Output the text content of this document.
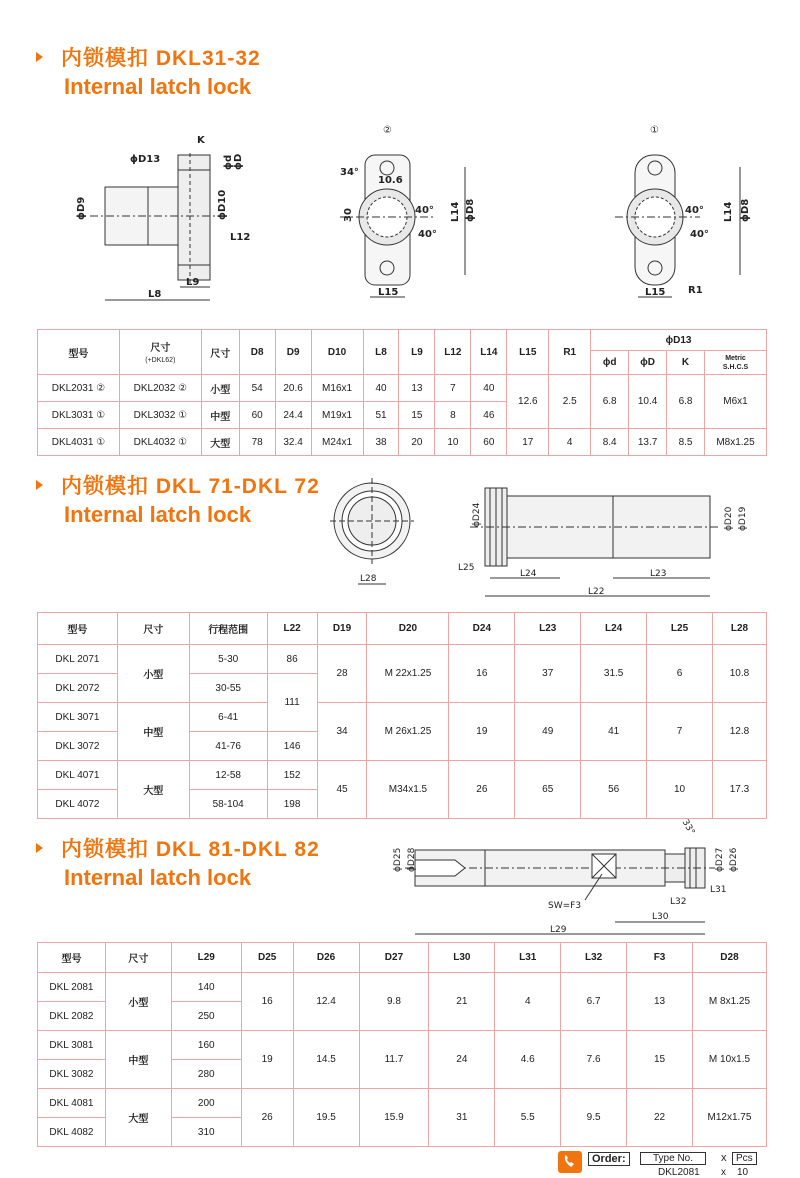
内锁模扣 DKL31-32
Internal latch lock
ϕD9
ϕD13
K
ϕd ϕD
ϕD10
L12
L9
L8
②
34°
10.6
30	40°
40°
L14 ϕD8
L15
①
40°
40°
L14 ϕD8
L15 R1
型号	尺寸
(+DKL62)	尺寸	D8	D9	D10	L8	L9	L12	L14	L15	R1	ϕD13			
												ϕd	ϕD	K	Metric
S.H.C.S
DKL2031 ②	DKL2032 ②	小型	54	20.6	M16x1	40	13	7	40	12.6	2.5	6.8	10.4	6.8	M6x1
DKL3031 ①	DKL3032 ①	中型	60	24.4	M19x1	51	15	8	46						
DKL4031 ①	DKL4032 ①	大型	78	32.4	M24x1	38	20	10	60	17	4	8.4	13.7	8.5	M8x1.25
内锁模扣 DKL 71-DKL 72
Internal latch lock
L28
ϕD24	ϕD20 ϕD19
L25
L24	L23
L22
型号	尺寸	行程范围	L22	D19	D20	D24	L23	L24	L25	L28
DKL 2071	小型	5-30	86	28	M 22x1.25	16	37	31.5	6	10.8
DKL 2072		30-55	111							
DKL 3071	中型	6-41		34	M 26x1.25	19	49	41	7	12.8
DKL 3072		41-76	146							
DKL 4071	大型	12-58	152	45	M34x1.5	26	65	56	10	17.3
DKL 4072		58-104	198							
内锁模扣 DKL 81-DKL 82
Internal latch lock
ϕD25 ϕD28	ϕD27 ϕD26
33°
SW=F3	L32
L31
L30
L29
型号	尺寸	L29	D25	D26	D27	L30	L31	L32	F3	D28
DKL 2081	小型	140	16	12.4	9.8	21	4	6.7	13	M 8x1.25
DKL 2082		250								
DKL 3081	中型	160	19	14.5	11.7	24	4.6	7.6	15	M 10x1.5
DKL 3082		280								
DKL 4081	大型	200	26	19.5	15.9	31	5.5	9.5	22	M12x1.75
DKL 4082		310								
Order:	Type No.	x Pcs
DKL2081 x 10
